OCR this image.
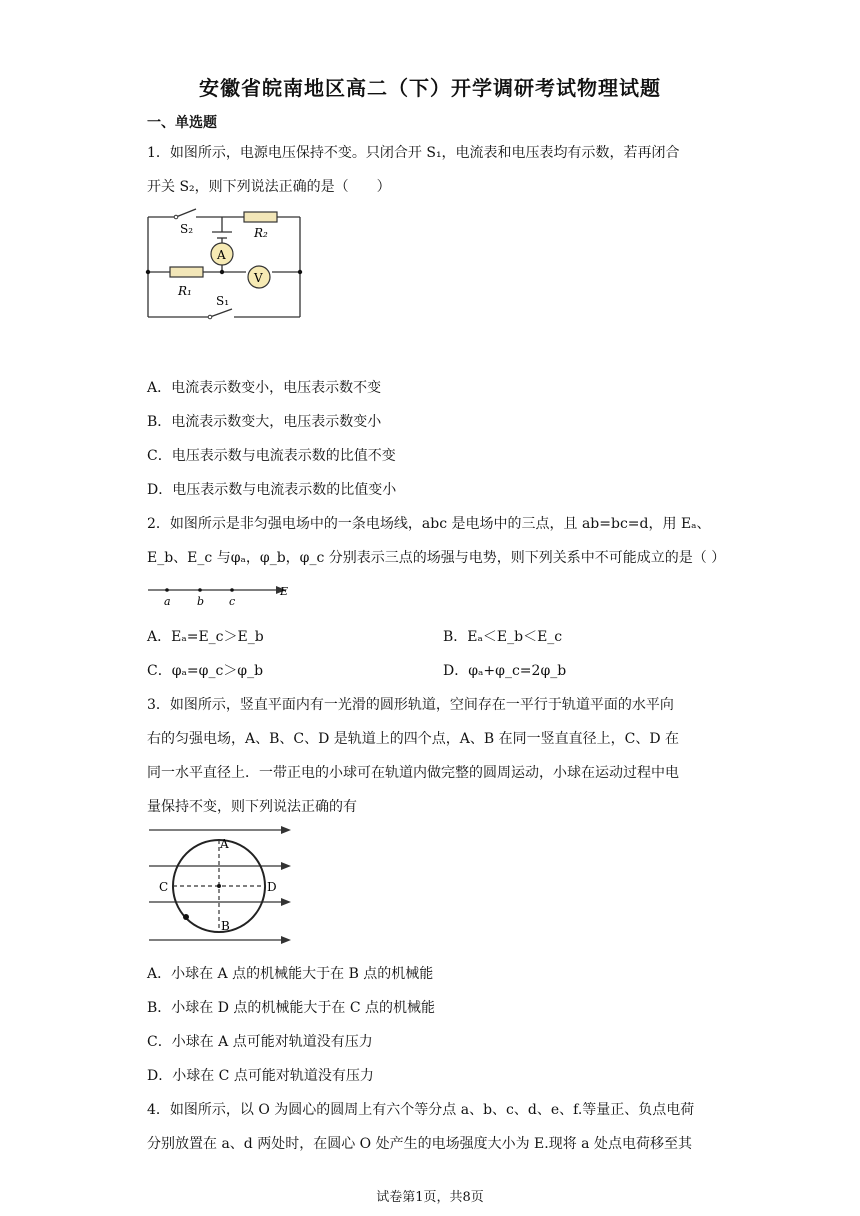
安徽省皖南地区高二（下）开学调研考试物理试题
一、单选题
1．如图所示，电源电压保持不变。只闭合开 S₁，电流表和电压表均有示数，若再闭合
开关 S₂，则下列说法正确的是（　　）
S₂	R₂
A
V
R₁
S₁
A．电流表示数变小，电压表示数不变
B．电流表示数变大，电压表示数变小
C．电压表示数与电流表示数的比值不变
D．电压表示数与电流表示数的比值变小
2．如图所示是非匀强电场中的一条电场线，abc 是电场中的三点，且 ab=bc=d，用 Eₐ、
E_b、E_c 与φₐ，φ_b，φ_c 分别表示三点的场强与电势，则下列关系中不可能成立的是（ ）
a b c
E
A．Eₐ=E_c＞E_b	B．Eₐ＜E_b＜E_c
C．φₐ=φ_c＞φ_b	D．φₐ+φ_c=2φ_b
3．如图所示，竖直平面内有一光滑的圆形轨道，空间存在一平行于轨道平面的水平向
右的匀强电场，A、B、C、D 是轨道上的四个点，A、B 在同一竖直直径上，C、D 在
同一水平直径上．一带正电的小球可在轨道内做完整的圆周运动，小球在运动过程中电
量保持不变，则下列说法正确的有
A
B
C	D
A．小球在 A 点的机械能大于在 B 点的机械能
B．小球在 D 点的机械能大于在 C 点的机械能
C．小球在 A 点可能对轨道没有压力
D．小球在 C 点可能对轨道没有压力
4．如图所示，以 O 为圆心的圆周上有六个等分点 a、b、c、d、e、f.等量正、负点电荷
分别放置在 a、d 两处时，在圆心 O 处产生的电场强度大小为 E.现将 a 处点电荷移至其
试卷第1页，共8页
